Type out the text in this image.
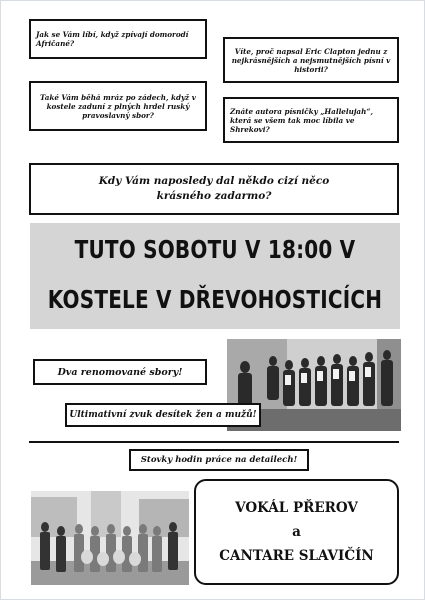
Jak se Vám líbí, když zpívají domorodí Afričané?
Víte, proč napsal Eric Clapton jednu z nejkrásnějších a nejsmutnějších písní v historii?
Také Vám běhá mráz po zádech, když v kostele zaduní z plných hrdel ruský pravoslavný sbor?	Znáte autora písničky „Hallelujah“, která se všem tak moc líbila ve Shrekovi?
Kdy Vám naposledy dal někdo cizí něco krásného zadarmo?
TUTO SOBOTU V 18:00 V
KOSTELE V DŘEVOHOSTICÍCH
Dva renomované sbory!
Ultimativní zvuk desítek žen a mužů!
Stovky hodin práce na detailech!
VOKÁL PŘEROV
a
CANTARE SLAVIČÍN
